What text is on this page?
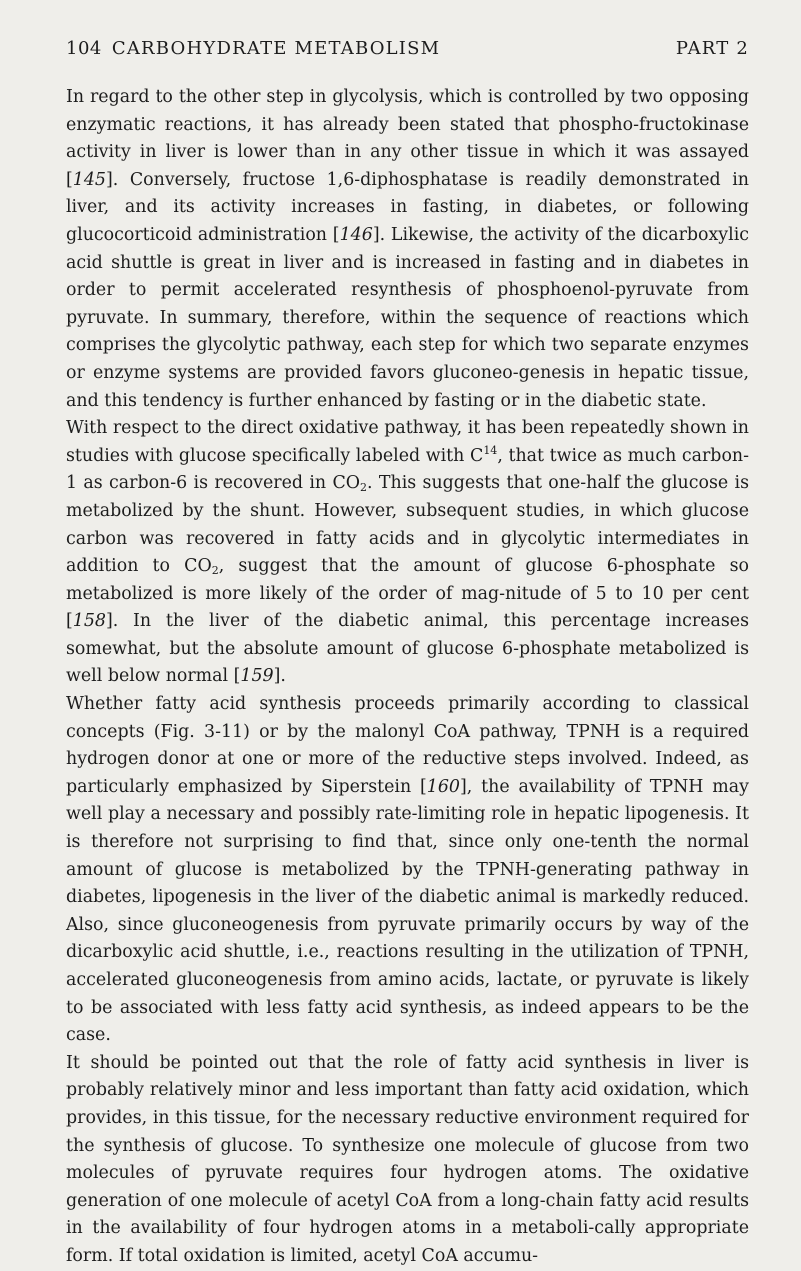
104 CARBOHYDRATE METABOLISM	PART 2

In regard to the other step in glycolysis, which is controlled by two opposing enzymatic reactions, it has already been stated that phospho-fructokinase activity in liver is lower than in any other tissue in which it was assayed [145]. Conversely, fructose 1,6-diphosphatase is readily demonstrated in liver, and its activity increases in fasting, in diabetes, or following glucocorticoid administration [146]. Likewise, the activity of the dicarboxylic acid shuttle is great in liver and is increased in fasting and in diabetes in order to permit accelerated resynthesis of phosphoenol-pyruvate from pyruvate. In summary, therefore, within the sequence of reactions which comprises the glycolytic pathway, each step for which two separate enzymes or enzyme systems are provided favors gluconeo-genesis in hepatic tissue, and this tendency is further enhanced by fasting or in the diabetic state.

With respect to the direct oxidative pathway, it has been repeatedly shown in studies with glucose specifically labeled with $C^{14}$, that twice as much carbon-1 as carbon-6 is recovered in $CO_2$. This suggests that one-half the glucose is metabolized by the shunt. However, subsequent studies, in which glucose carbon was recovered in fatty acids and in glycolytic intermediates in addition to $CO_2$, suggest that the amount of glucose 6-phosphate so metabolized is more likely of the order of mag-nitude of 5 to 10 per cent [158]. In the liver of the diabetic animal, this percentage increases somewhat, but the absolute amount of glucose 6-phosphate metabolized is well below normal [159].

Whether fatty acid synthesis proceeds primarily according to classical concepts (Fig. 3-11) or by the malonyl CoA pathway, TPNH is a required hydrogen donor at one or more of the reductive steps involved. Indeed, as particularly emphasized by Siperstein [160], the availability of TPNH may well play a necessary and possibly rate-limiting role in hepatic lipogenesis. It is therefore not surprising to find that, since only one-tenth the normal amount of glucose is metabolized by the TPNH-generating pathway in diabetes, lipogenesis in the liver of the diabetic animal is markedly reduced. Also, since gluconeogenesis from pyruvate primarily occurs by way of the dicarboxylic acid shuttle, i.e., reactions resulting in the utilization of TPNH, accelerated gluconeogenesis from amino acids, lactate, or pyruvate is likely to be associated with less fatty acid synthesis, as indeed appears to be the case.

It should be pointed out that the role of fatty acid synthesis in liver is probably relatively minor and less important than fatty acid oxidation, which provides, in this tissue, for the necessary reductive environment required for the synthesis of glucose. To synthesize one molecule of glucose from two molecules of pyruvate requires four hydrogen atoms. The oxidative generation of one molecule of acetyl CoA from a long-chain fatty acid results in the availability of four hydrogen atoms in a metaboli-cally appropriate form. If total oxidation is limited, acetyl CoA accumu-
